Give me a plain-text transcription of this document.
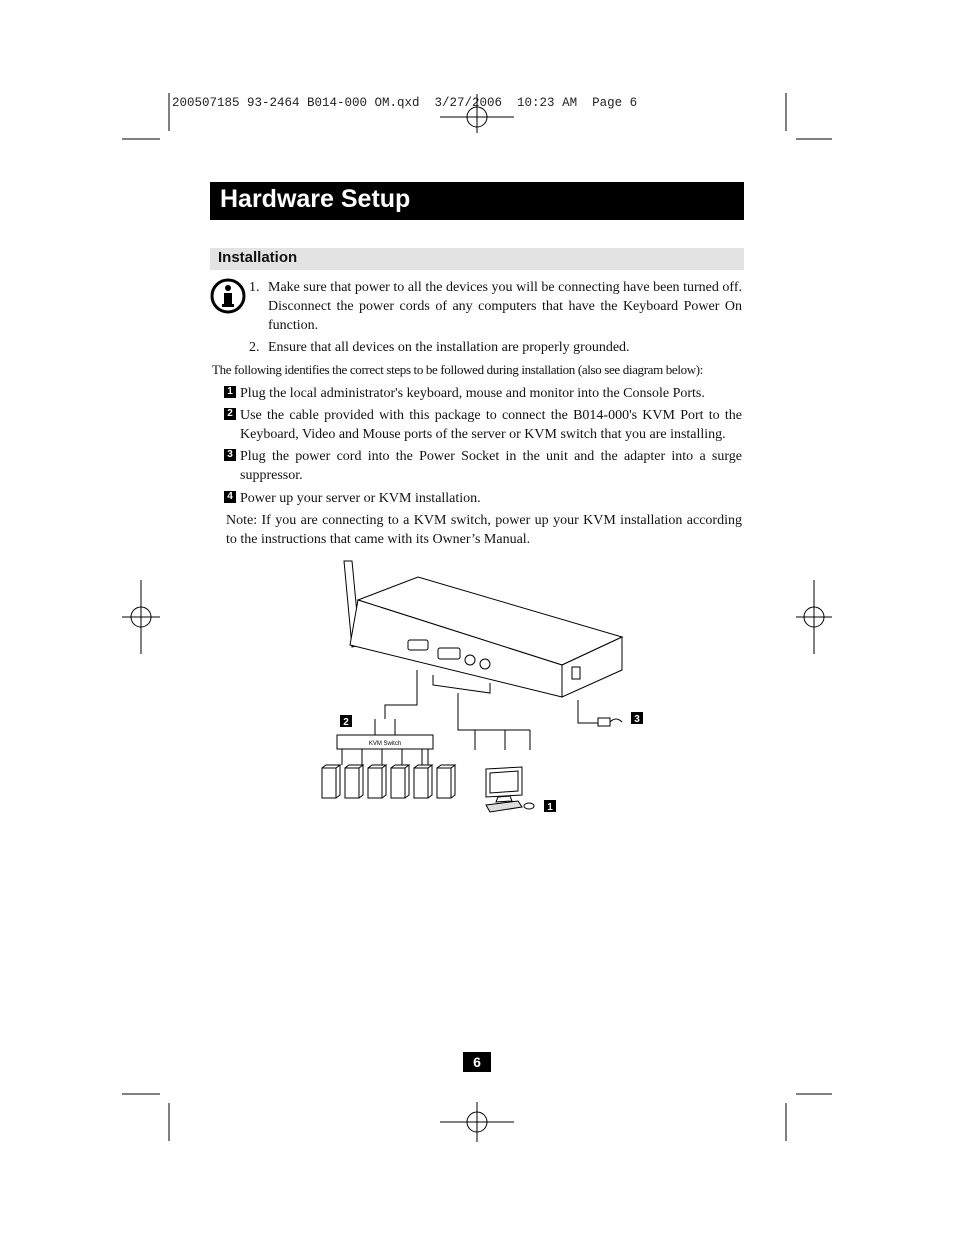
200507185 93-2464 B014-000 OM.qxd  3/27/2006  10:23 AM  Page 6
Hardware Setup
Installation
1. Make sure that power to all the devices you will be connecting have been turned off. Disconnect the power cords of any computers that have the Keyboard Power On function.
2. Ensure that all devices on the installation are properly grounded.
The following identifies the correct steps to be followed during installation (also see diagram below):
1 Plug the local administrator's keyboard, mouse and monitor into the Console Ports.
2 Use the cable provided with this package to connect the B014-000's KVM Port to the Keyboard, Video and Mouse ports of the server or KVM switch that you are installing.
3 Plug the power cord into the Power Socket in the unit and the adapter into a surge suppressor.
4 Power up your server or KVM installation.
Note: If you are connecting to a KVM switch, power up your KVM installation according to the instructions that came with its Owner’s Manual.
KVM Switch
2	3
1
6
